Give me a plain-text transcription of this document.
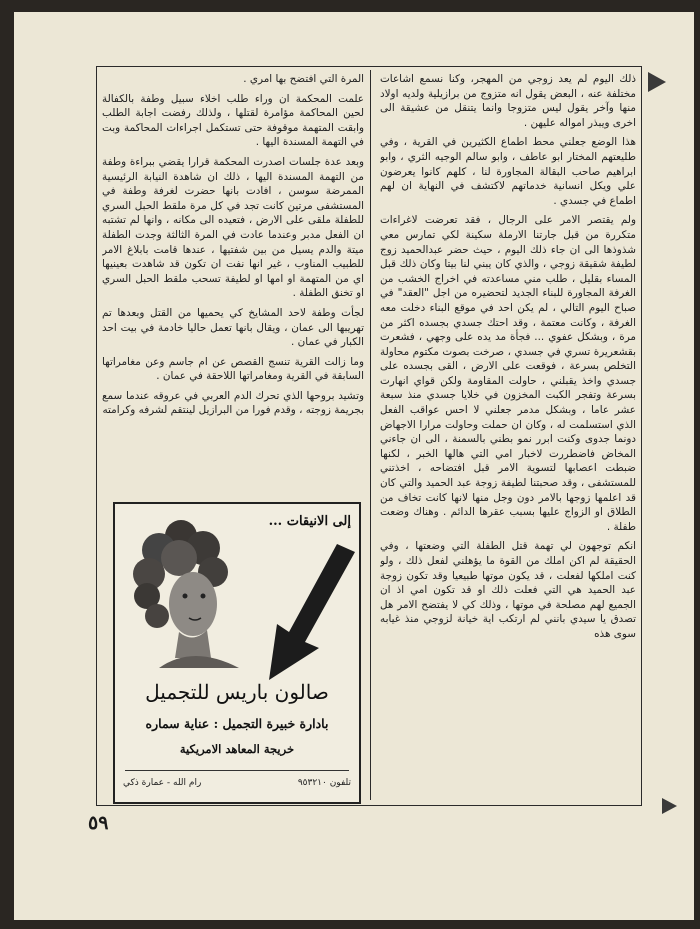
ذلك اليوم لم يعد زوجي من المهجر، وكنا نسمع اشاعات مختلفة عنه ، البعض يقول انه متزوج من برازيلية ولديه اولاد منها وآخر يقول ليس متزوجا وانما يتنقل من عشيقة الى اخرى ويبذر امواله عليهن .

هذا الوضع جعلني محط اطماع الكثيرين في القرية ، وفي طليعتهم المختار ابو عاطف ، وابو سالم الوجيه الثري ، وابو ابراهيم صاحب البقالة المجاورة لنا ، كلهم كانوا يعرضون علي ويكل انسانية خدماتهم لاكتشف في النهاية ان لهم اطماع في جسدي .

ولم يقتصر الامر على الرجال ، فقد تعرضت لاغراءات متكررة من قبل جارتنا الارملة سكينة لكي تمارس معي شذوذها الى ان جاء ذلك اليوم ، حيث حضر عبدالحميد زوج لطيفة شقيقة زوجي ، والذي كان يبني لنا بيتا وكان ذلك قبل المساء بقليل ، طلب مني مساعدته في اخراج الخشب من الغرفة المجاورة للبناء الجديد لتحضيره من اجل "العقد" في صباح اليوم التالي ، لم يكن احد في موقع البناء دخلت معه الغرفة ، وكانت معتمة ، وقد احتك جسدي بجسده اكثر من مرة ، وبشكل عفوي ... فجأة مد يده على وجهي ، فشعرت بقشعريرة تسري في جسدي ، صرخت بصوت مكتوم محاولة التخلص بسرعة ، فوقعت على الارض ، القى بجسده على جسدي واخذ يقبلني ، حاولت المقاومة ولكن قواي انهارت بسرعة وتفجر الكبت المخزون في خلايا جسدي منذ سبعة عشر عاما ، وبشكل مدمر جعلني لا احس عواقب الفعل الذي استسلمت له ، وكان ان حملت وحاولت مرارا الاجهاض دونما جدوى وكنت ابرر نمو بطني بالسمنة ، الى ان جاءني المخاض فاضطررت لاخبار امي التي هالها الخبر ، لكنها ضبطت اعصابها لتسوية الامر قبل افتضاحه ، اخذتني للمستشفى ، وقد صحبتنا لطيفة زوجة عبد الحميد والتي كان قد اعلمها زوجها بالامر دون وجل منها لانها كانت تخاف من الطلاق او الزواج عليها بسبب عقرها الدائم . وهناك وضعت طفلة .

انكم توجهون لي تهمة قتل الطفلة التي وضعتها ، وفي الحقيقة لم اكن املك من القوة ما يؤهلني لفعل ذلك ، ولو كنت املكها لفعلت ، قد يكون موتها طبيعيا وقد تكون زوجة عبد الحميد هي التي فعلت ذلك او قد تكون امي اذ ان الجميع لهم مصلحة في موتها ، وذلك كي لا يفتضح الامر هل تصدق يا سيدي بانني لم ارتكب اية خيانة لزوجي منذ غيابه سوى هذه

المرة التي افتضح بها امري .

علمت المحكمة ان وراء طلب اخلاء سبيل وطفة بالكفالة لحين المحاكمة مؤامرة لقتلها ، ولذلك رفضت اجابة الطلب وابقت المتهمة موقوفة حتى تستكمل اجراءات المحاكمة وبت في التهمة المسندة اليها .

وبعد عدة جلسات اصدرت المحكمة قرارا يقضي ببراءة وطفة من التهمة المسندة اليها ، ذلك ان شاهدة النيابة الرئيسية الممرضة سوسن ، افادت بانها حضرت لغرفة وطفة في المستشفى مرتين كانت تجد في كل مرة ملقط الحبل السري للطفلة ملقى على الارض ، فتعيده الى مكانه ، وانها لم تشتبه ان الفعل مدبر وعندما عادت في المرة الثالثة وجدت الطفلة ميتة والدم يسيل من بين شفتيها ، عندها قامت بابلاغ الامر للطبيب المناوب ، غير انها نفت ان تكون قد شاهدت بعينيها اي من المتهمة او امها او لطيفة تسحب ملقط الحبل السري او تخنق الطفلة .

لجأت وطفة لاحد المشايخ كي يحميها من القتل وبعدها تم تهريبها الى عمان ، ويقال بانها تعمل حاليا خادمة في بيت احد الكبار في عمان .

وما زالت القرية تنسج القصص عن ام جاسم وعن مغامراتها السابقة في القرية ومغامراتها اللاحقة في عمان .

وتشيد بروحها الذي تحرك الدم العربي في عروقه عندما سمع بجريمة زوجته ، وقدم فورا من البرازيل لينتقم لشرفه وكرامته

إلى الانيقات ...
صالون باريس للتجميل
بادارة خبيرة التجميل : عناية سماره
خريجة المعاهد الامريكية
رام الله - عمارة ذكي	تلفون ٩٥٣٢١٠
٥٩
